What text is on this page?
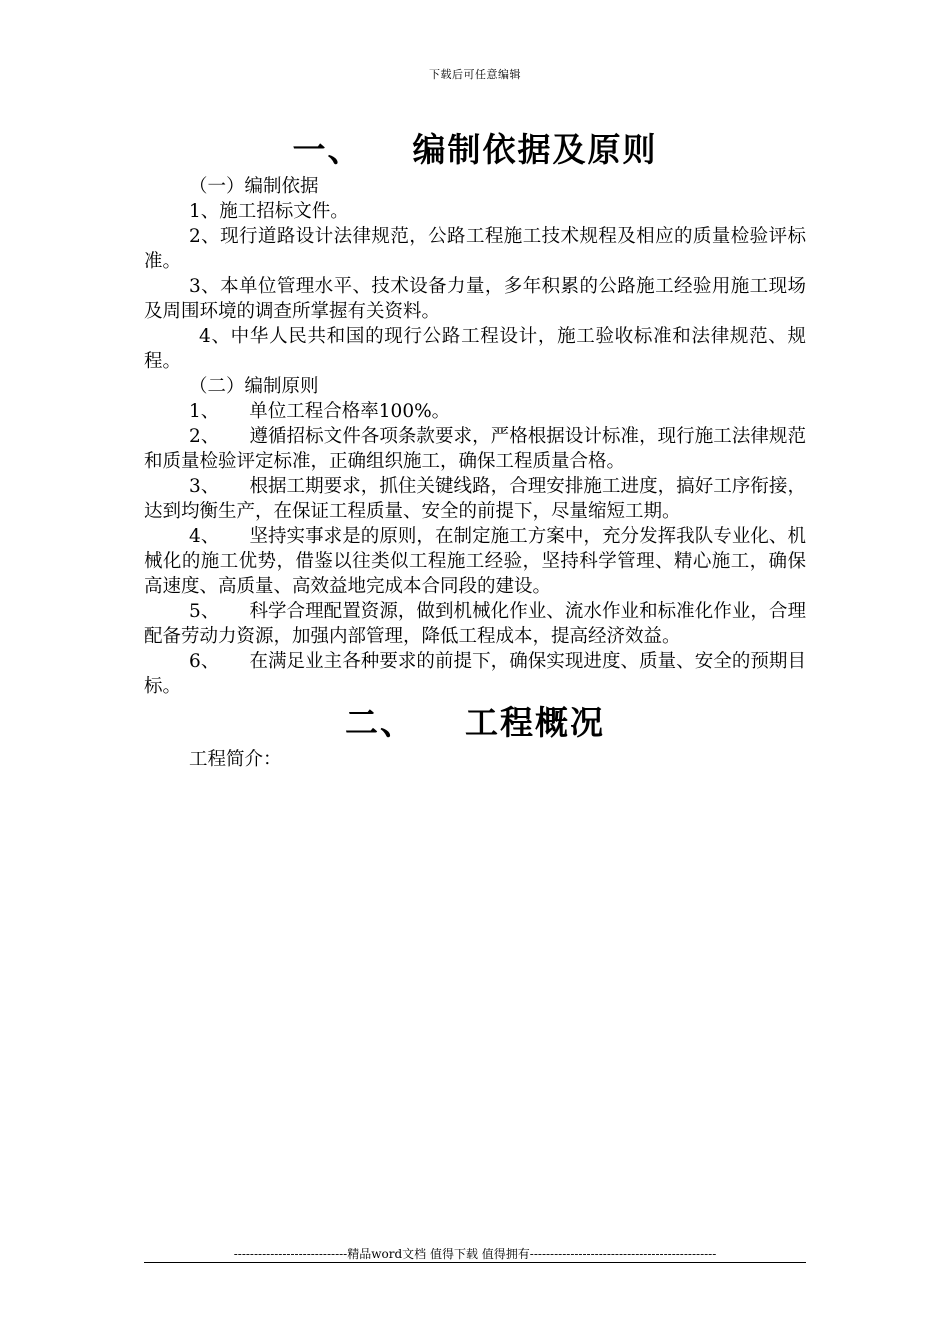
下载后可任意编辑
一、 编制依据及原则

（一）编制依据

1、施工招标文件。

2、现行道路设计法律规范，公路工程施工技术规程及相应的质量检验评标准。

3、本单位管理水平、技术设备力量，多年积累的公路施工经验用施工现场及周围环境的调查所掌握有关资料。

4、中华人民共和国的现行公路工程设计，施工验收标准和法律规范、规程。

（二）编制原则

1、 单位工程合格率100%。

2、 遵循招标文件各项条款要求，严格根据设计标准，现行施工法律规范和质量检验评定标准，正确组织施工，确保工程质量合格。

3、 根据工期要求，抓住关键线路，合理安排施工进度，搞好工序衔接，达到均衡生产，在保证工程质量、安全的前提下，尽量缩短工期。

4、 坚持实事求是的原则，在制定施工方案中，充分发挥我队专业化、机械化的施工优势，借鉴以往类似工程施工经验，坚持科学管理、精心施工，确保高速度、高质量、高效益地完成本合同段的建设。

5、 科学合理配置资源，做到机械化作业、流水作业和标准化作业，合理配备劳动力资源，加强内部管理，降低工程成本，提高经济效益。

6、 在满足业主各种要求的前提下，确保实现进度、质量、安全的预期目标。

二、 工程概况

工程简介：

----------------------------精品word文档 值得下载 值得拥有----------------------------------------------
